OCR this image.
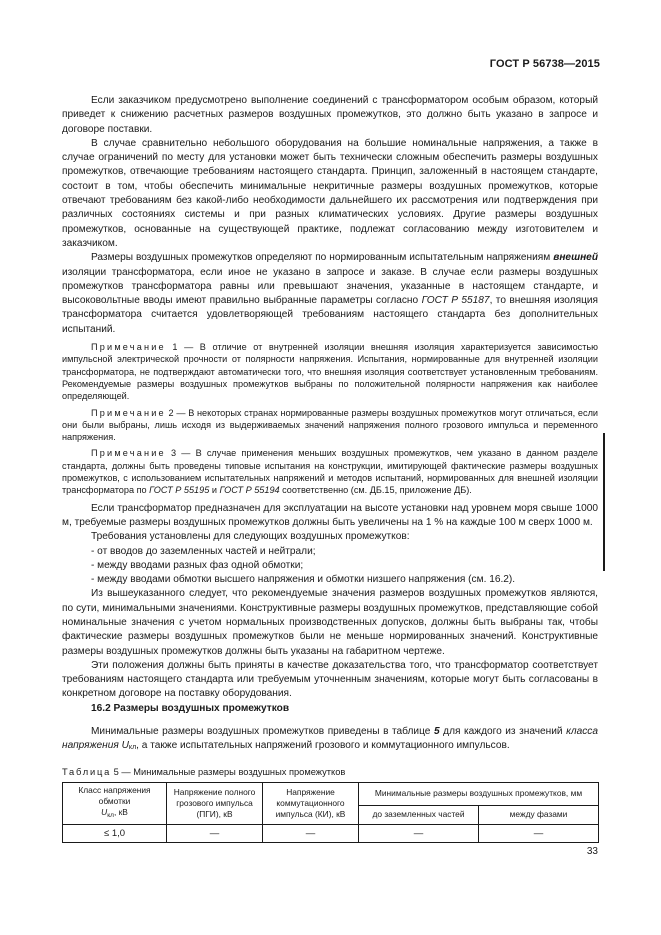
ГОСТ Р 56738—2015

Если заказчиком предусмотрено выполнение соединений с трансформатором особым образом, который приведет к снижению расчетных размеров воздушных промежутков, это должно быть указано в запросе и договоре поставки.

В случае сравнительно небольшого оборудования на большие номинальные напряжения, а также в случае ограничений по месту для установки может быть технически сложным обеспечить размеры воздушных промежутков, отвечающие требованиям настоящего стандарта. Принцип, заложенный в настоящем стандарте, состоит в том, чтобы обеспечить минимальные некритичные размеры воздушных промежутков, которые отвечают требованиям без какой-либо необходимости дальнейшего их рассмотрения или подтверждения при различных состояниях системы и при разных климатических условиях. Другие размеры воздушных промежутков, основанные на существующей практике, подлежат согласованию между изготовителем и заказчиком.

Размеры воздушных промежутков определяют по нормированным испытательным напряжениям внешней изоляции трансформатора, если иное не указано в запросе и заказе. В случае если размеры воздушных промежутков трансформатора равны или превышают значения, указанные в настоящем стандарте, и высоковольтные вводы имеют правильно выбранные параметры согласно ГОСТ Р 55187, то внешняя изоляция трансформатора считается удовлетворяющей требованиям настоящего стандарта без дополнительных испытаний.

Примечание 1 — В отличие от внутренней изоляции внешняя изоляция характеризуется зависимостью импульсной электрической прочности от полярности напряжения. Испытания, нормированные для внутренней изоляции трансформатора, не подтверждают автоматически того, что внешняя изоляция соответствует установленным требованиям. Рекомендуемые размеры воздушных промежутков выбраны по положительной полярности напряжения как наиболее определяющей.

Примечание 2 — В некоторых странах нормированные размеры воздушных промежутков могут отличаться, если они были выбраны, лишь исходя из выдерживаемых значений напряжения полного грозового импульса и переменного напряжения.

Примечание 3 — В случае применения меньших воздушных промежутков, чем указано в данном разделе стандарта, должны быть проведены типовые испытания на конструкции, имитирующей фактические размеры воздушных промежутков, с использованием испытательных напряжений и методов испытаний, нормированных для внешней изоляции трансформатора по ГОСТ Р 55195 и ГОСТ Р 55194 соответственно (см. ДБ.15, приложение ДБ).

Если трансформатор предназначен для эксплуатации на высоте установки над уровнем моря свыше 1000 м, требуемые размеры воздушных промежутков должны быть увеличены на 1 % на каждые 100 м сверх 1000 м.

Требования установлены для следующих воздушных промежутков:

- от вводов до заземленных частей и нейтрали;

- между вводами разных фаз одной обмотки;

- между вводами обмотки высшего напряжения и обмотки низшего напряжения (см. 16.2).

Из вышеуказанного следует, что рекомендуемые значения размеров воздушных промежутков являются, по сути, минимальными значениями. Конструктивные размеры воздушных промежутков, представляющие собой номинальные значения с учетом нормальных производственных допусков, должны быть выбраны так, чтобы фактические размеры воздушных промежутков были не меньше нормированных значений. Конструктивные размеры воздушных промежутков должны быть указаны на габаритном чертеже.

Эти положения должны быть приняты в качестве доказательства того, что трансформатор соответствует требованиям настоящего стандарта или требуемым уточненным значениям, которые могут быть согласованы в конкретном договоре на поставку оборудования.

16.2 Размеры воздушных промежутков

Минимальные размеры воздушных промежутков приведены в таблице 5 для каждого из значений класса напряжения Uкл, а также испытательных напряжений грозового и коммутационного импульсов.

Таблица 5 — Минимальные размеры воздушных промежутков

Класс напряжения обмотки
$U_{кл}$, кВ	Напряжение полного грозового импульса (ПГИ), кВ	Напряжение коммутационного импульса (КИ), кВ	Минимальные размеры воздушных промежутков, мм	
			до заземленных частей	между фазами
≤ 1,0	—	—	—	—
33
